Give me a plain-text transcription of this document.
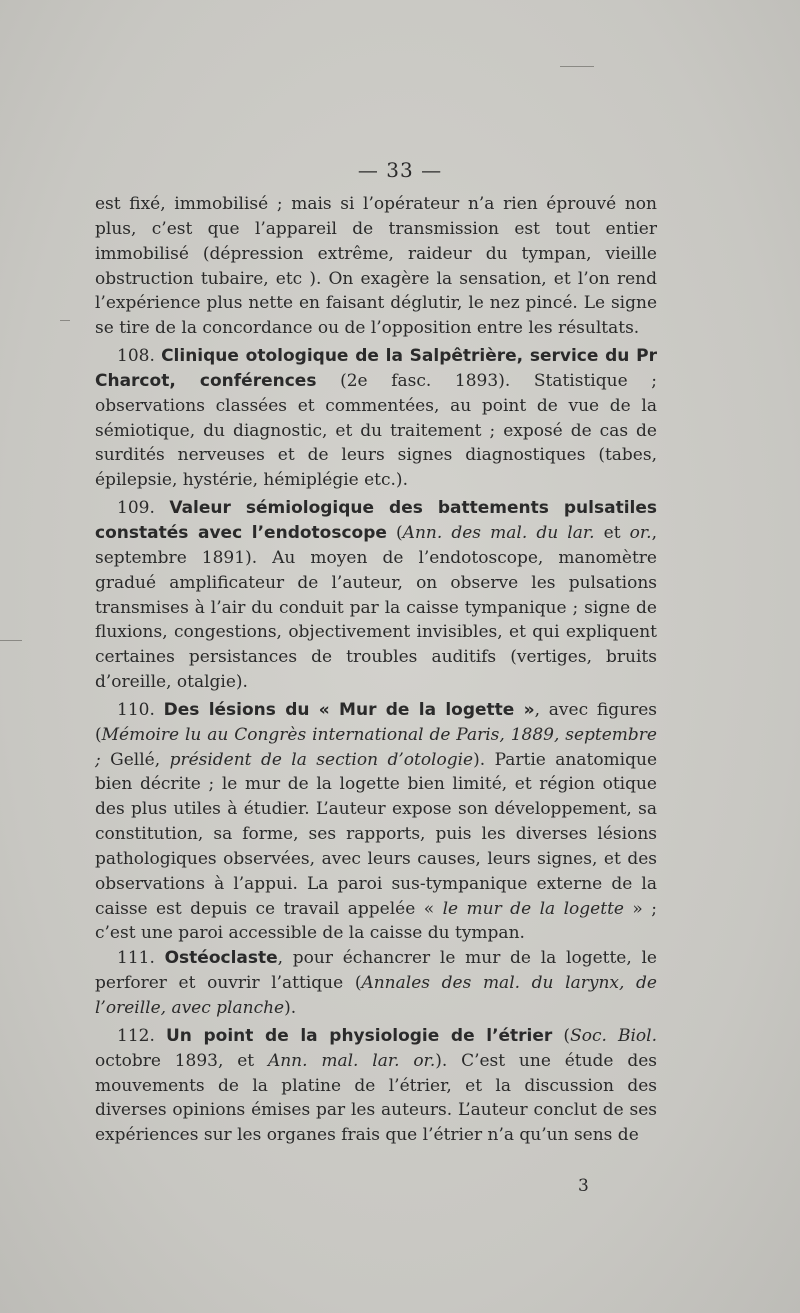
— 33 —

est fixé, immobilisé ; mais si l’opérateur n’a rien éprouvé non plus, c’est que l’appareil de transmission est tout entier immobilisé (dépression extrême, raideur du tympan, vieille obstruction tubaire, etc ). On exagère la sensation, et l’on rend l’expérience plus nette en faisant déglutir, le nez pincé. Le signe se tire de la concordance ou de l’opposition entre les résultats.

108. Clinique otologique de la Salpêtrière, service du Pr Charcot, conférences (2e fasc. 1893). Statistique ; observations classées et commentées, au point de vue de la sémiotique, du diagnostic, et du traitement ; exposé de cas de surdités nerveuses et de leurs signes diagnostiques (tabes, épilepsie, hystérie, hémiplégie etc.).

109. Valeur sémiologique des battements pulsatiles constatés avec l’endotoscope (Ann. des mal. du lar. et or., septembre 1891). Au moyen de l’endotoscope, manomètre gradué amplificateur de l’auteur, on observe les pulsations transmises à l’air du conduit par la caisse tympanique ; signe de fluxions, congestions, objectivement invisibles, et qui expliquent certaines persistances de troubles auditifs (vertiges, bruits d’oreille, otalgie).

110. Des lésions du « Mur de la logette », avec figures (Mémoire lu au Congrès international de Paris, 1889, septembre ; Gellé, président de la section d’otologie). Partie anatomique bien décrite ; le mur de la logette bien limité, et région otique des plus utiles à étudier. L’auteur expose son développement, sa constitution, sa forme, ses rapports, puis les diverses lésions pathologiques observées, avec leurs causes, leurs signes, et des observations à l’appui. La paroi sus-tympanique externe de la caisse est depuis ce travail appelée « le mur de la logette » ; c’est une paroi accessible de la caisse du tympan.

111. Ostéoclaste, pour échancrer le mur de la logette, le perforer et ouvrir l’attique (Annales des mal. du larynx, de l’oreille, avec planche).

112. Un point de la physiologie de l’étrier (Soc. Biol. octobre 1893, et Ann. mal. lar. or.). C’est une étude des mouvements de la platine de l’étrier, et la discussion des diverses opinions émises par les auteurs. L’auteur conclut de ses expériences sur les organes frais que l’étrier n’a qu’un sens de

3
